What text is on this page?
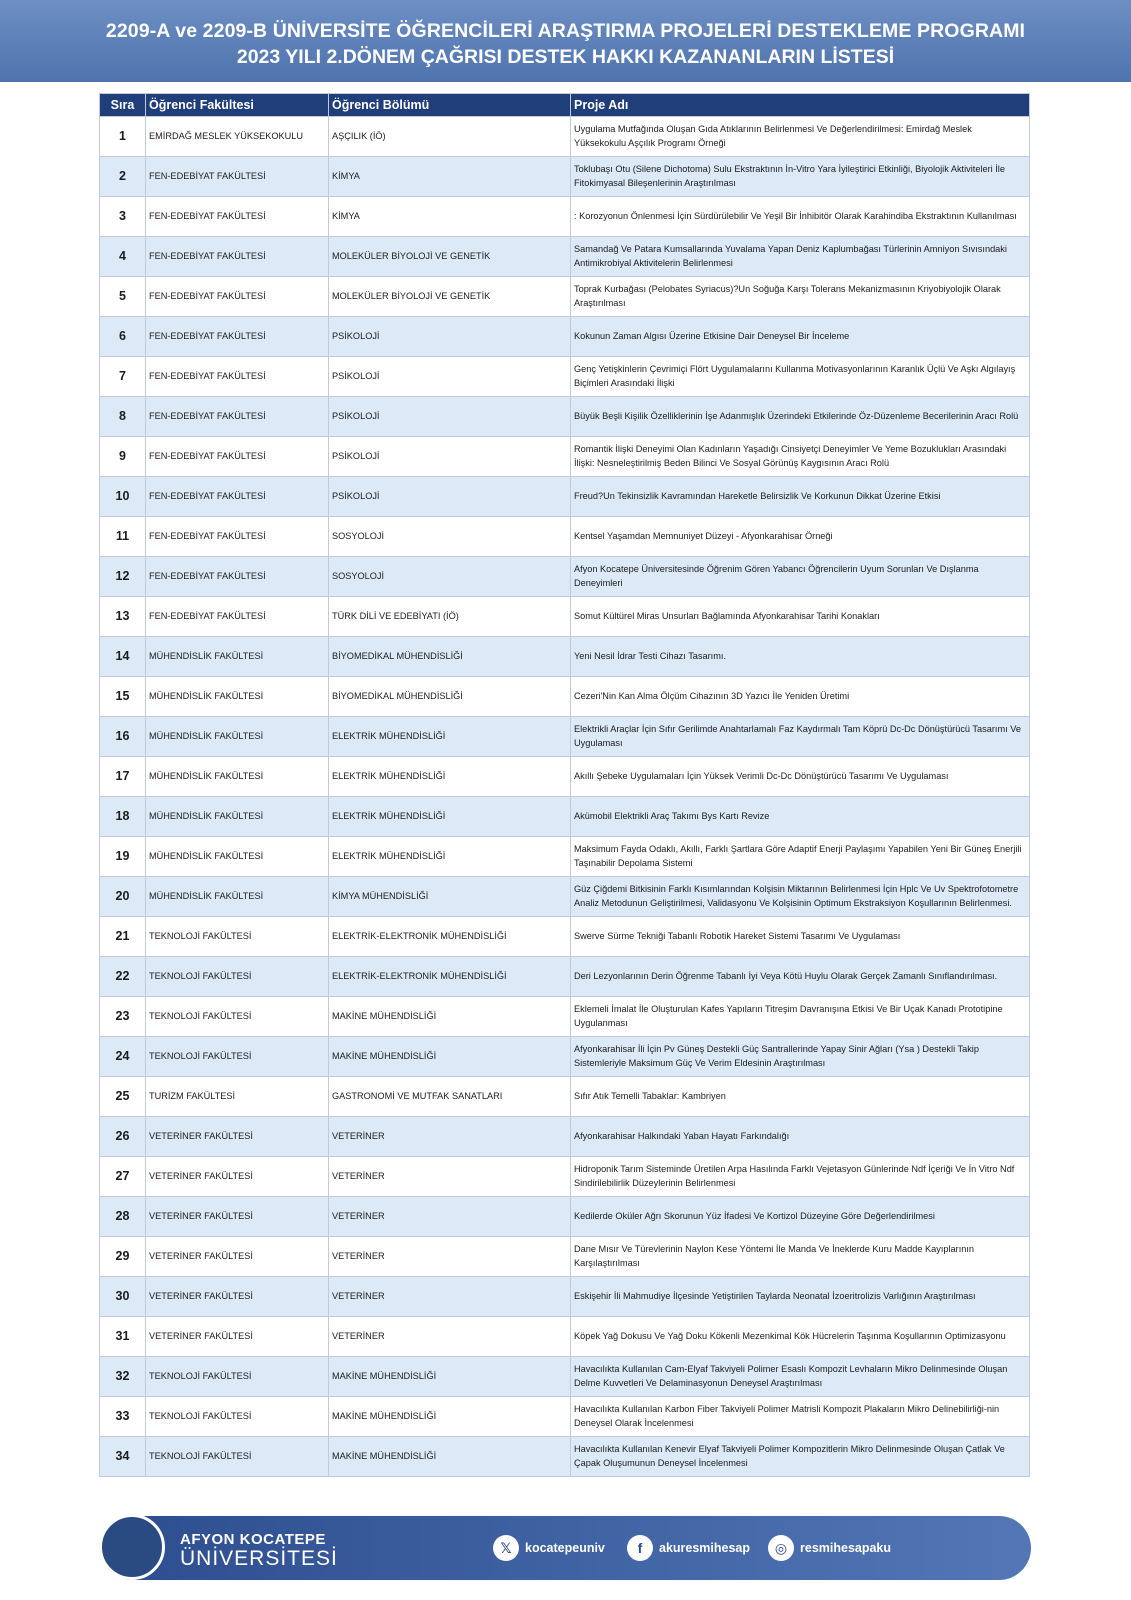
2209-A ve 2209-B ÜNİVERSİTE ÖĞRENCİLERİ ARAŞTIRMA PROJELERİ DESTEKLEME PROGRAMI
2023 YILI 2.DÖNEM ÇAĞRISI DESTEK HAKKI KAZANANLARIN LİSTESİ
Sıra	Öğrenci Fakültesi	Öğrenci Bölümü	Proje Adı
1	EMİRDAĞ MESLEK YÜKSEKOKULU	AŞÇILIK (İÖ)	Uygulama Mutfağında Oluşan Gıda Atıklarının Belirlenmesi Ve Değerlendirilmesi: Emirdağ Meslek Yüksekokulu Aşçılık Programı Örneği
2	FEN-EDEBİYAT FAKÜLTESİ	KİMYA	Toklubaşı Otu (Silene Dichotoma) Sulu Ekstraktının İn-Vitro Yara İyileştirici Etkinliği, Biyolojik Aktiviteleri İle Fitokimyasal Bileşenlerinin Araştırılması
3	FEN-EDEBİYAT FAKÜLTESİ	KİMYA	: Korozyonun Önlenmesi İçin Sürdürülebilir Ve Yeşil Bir İnhibitör Olarak Karahindiba Ekstraktının Kullanılması
4	FEN-EDEBİYAT FAKÜLTESİ	MOLEKÜLER BİYOLOJİ VE GENETİK	Samandağ Ve Patara Kumsallarında Yuvalama Yapan Deniz Kaplumbağası Türlerinin Amniyon Sıvısındaki Antimikrobiyal Aktivitelerin Belirlenmesi
5	FEN-EDEBİYAT FAKÜLTESİ	MOLEKÜLER BİYOLOJİ VE GENETİK	Toprak Kurbağası (Pelobates Syriacus)?Un Soğuğa Karşı Tolerans Mekanizmasının Kriyobiyolojik Olarak Araştırılması
6	FEN-EDEBİYAT FAKÜLTESİ	PSİKOLOJİ	Kokunun Zaman Algısı Üzerine Etkisine Dair Deneysel Bir İnceleme
7	FEN-EDEBİYAT FAKÜLTESİ	PSİKOLOJİ	Genç Yetişkinlerin Çevrimiçi Flört Uygulamalarını Kullanma Motivasyonlarının Karanlık Üçlü Ve Aşkı Algılayış Biçimleri Arasındaki İlişki
8	FEN-EDEBİYAT FAKÜLTESİ	PSİKOLOJİ	Büyük Beşli Kişilik Özelliklerinin İşe Adanmışlık Üzerindeki Etkilerinde Öz-Düzenleme Becerilerinin Aracı Rolü
9	FEN-EDEBİYAT FAKÜLTESİ	PSİKOLOJİ	Romantik İlişki Deneyimi Olan Kadınların Yaşadığı Cinsiyetçi Deneyimler Ve Yeme Bozuklukları Arasındaki İlişki: Nesneleştirilmiş Beden Bilinci Ve Sosyal Görünüş Kaygısının Aracı Rolü
10	FEN-EDEBİYAT FAKÜLTESİ	PSİKOLOJİ	Freud?Un Tekinsizlik Kavramından Hareketle Belirsizlik Ve Korkunun Dikkat Üzerine Etkisi
11	FEN-EDEBİYAT FAKÜLTESİ	SOSYOLOJİ	Kentsel Yaşamdan Memnuniyet Düzeyi - Afyonkarahisar Örneği
12	FEN-EDEBİYAT FAKÜLTESİ	SOSYOLOJİ	Afyon Kocatepe Üniversitesinde Öğrenim Gören Yabancı Öğrencilerin Uyum Sorunları Ve Dışlanma Deneyimleri
13	FEN-EDEBİYAT FAKÜLTESİ	TÜRK DİLİ VE EDEBİYATI (İÖ)	Somut Kültürel Miras Unsurları Bağlamında Afyonkarahisar Tarihi Konakları
14	MÜHENDİSLİK FAKÜLTESİ	BİYOMEDİKAL MÜHENDİSLİĞİ	Yeni Nesil İdrar Testi Cihazı Tasarımı.
15	MÜHENDİSLİK FAKÜLTESİ	BİYOMEDİKAL MÜHENDİSLİĞİ	Cezeri'Nin Kan Alma Ölçüm Cihazının 3D Yazıcı İle Yeniden Üretimi
16	MÜHENDİSLİK FAKÜLTESİ	ELEKTRİK MÜHENDİSLİĞİ	Elektrikli Araçlar İçin Sıfır Gerilimde Anahtarlamalı Faz Kaydırmalı Tam Köprü Dc-Dc Dönüştürücü Tasarımı Ve Uygulaması
17	MÜHENDİSLİK FAKÜLTESİ	ELEKTRİK MÜHENDİSLİĞİ	Akıllı Şebeke Uygulamaları İçin Yüksek Verimli Dc-Dc Dönüştürücü Tasarımı Ve Uygulaması
18	MÜHENDİSLİK FAKÜLTESİ	ELEKTRİK MÜHENDİSLİĞİ	Akümobil Elektrikli Araç Takımı Bys Kartı Revize
19	MÜHENDİSLİK FAKÜLTESİ	ELEKTRİK MÜHENDİSLİĞİ	Maksimum Fayda Odaklı, Akıllı, Farklı Şartlara Göre Adaptif Enerji Paylaşımı Yapabilen Yeni Bir Güneş Enerjili Taşınabilir Depolama Sistemi
20	MÜHENDİSLİK FAKÜLTESİ	KİMYA MÜHENDİSLİĞİ	Güz Çiğdemi Bitkisinin Farklı Kısımlarından Kolşisin Miktarının Belirlenmesi İçin Hplc Ve Uv Spektrofotometre Analiz Metodunun Geliştirilmesi, Validasyonu Ve Kolşisinin Optimum Ekstraksiyon Koşullarının Belirlenmesi.
21	TEKNOLOJİ FAKÜLTESİ	ELEKTRİK-ELEKTRONİK MÜHENDİSLİĞİ	Swerve Sürme Tekniği Tabanlı Robotik Hareket Sistemi Tasarımı Ve Uygulaması
22	TEKNOLOJİ FAKÜLTESİ	ELEKTRİK-ELEKTRONİK MÜHENDİSLİĞİ	Deri Lezyonlarının Derin Öğrenme Tabanlı İyi Veya Kötü Huylu Olarak Gerçek Zamanlı Sınıflandırılması.
23	TEKNOLOJİ FAKÜLTESİ	MAKİNE MÜHENDİSLİĞİ	Eklemeli İmalat İle Oluşturulan Kafes Yapıların Titreşim Davranışına Etkisi Ve Bir Uçak Kanadı Prototipine Uygulanması
24	TEKNOLOJİ FAKÜLTESİ	MAKİNE MÜHENDİSLİĞİ	Afyonkarahisar İli İçin Pv Güneş Destekli Güç Santrallerinde Yapay Sinir Ağları (Ysa ) Destekli Takip Sistemleriyle Maksimum Güç Ve Verim Eldesinin Araştırılması
25	TURİZM FAKÜLTESİ	GASTRONOMİ VE MUTFAK SANATLARI	Sıfır Atık Temelli Tabaklar: Kambriyen
26	VETERİNER FAKÜLTESİ	VETERİNER	Afyonkarahisar Halkındaki Yaban Hayatı Farkındalığı
27	VETERİNER FAKÜLTESİ	VETERİNER	Hidroponik Tarım Sisteminde Üretilen Arpa Hasılında Farklı Vejetasyon Günlerinde Ndf İçeriği Ve İn Vitro Ndf Sindirilebilirlik Düzeylerinin Belirlenmesi
28	VETERİNER FAKÜLTESİ	VETERİNER	Kedilerde Oküler Ağrı Skorunun Yüz İfadesi Ve Kortizol Düzeyine Göre Değerlendirilmesi
29	VETERİNER FAKÜLTESİ	VETERİNER	Dane Mısır Ve Türevlerinin Naylon Kese Yöntemi İle Manda Ve İneklerde Kuru Madde Kayıplarının Karşılaştırılması
30	VETERİNER FAKÜLTESİ	VETERİNER	Eskişehir İli Mahmudiye İlçesinde Yetiştirilen Taylarda Neonatal İzoeritrolizis Varlığının Araştırılması
31	VETERİNER FAKÜLTESİ	VETERİNER	Köpek Yağ Dokusu Ve Yağ Doku Kökenli Mezenkimal Kök Hücrelerin Taşınma Koşullarının Optimizasyonu
32	TEKNOLOJİ FAKÜLTESİ	MAKİNE MÜHENDİSLİĞİ	Havacılıkta Kullanılan Cam-Elyaf Takviyeli Polimer Esaslı Kompozit Levhaların Mikro Delinmesinde Oluşan Delme Kuvvetleri Ve Delaminasyonun Deneysel Araştırılması
33	TEKNOLOJİ FAKÜLTESİ	MAKİNE MÜHENDİSLİĞİ	Havacılıkta Kullanılan Karbon Fiber Takviyeli Polimer Matrisli Kompozit Plakaların Mikro Delinebilirliği-nin Deneysel Olarak İncelenmesi
34	TEKNOLOJİ FAKÜLTESİ	MAKİNE MÜHENDİSLİĞİ	Havacılıkta Kullanılan Kenevir Elyaf Takviyeli Polimer Kompozitlerin Mikro Delinmesinde Oluşan Çatlak Ve Çapak Oluşumunun Deneysel İncelenmesi
AFYON KOCATEPE
ÜNİVERSİTESİ	𝕏	kocatepeuniv	f	akuresmihesap	◎	resmihesapaku
